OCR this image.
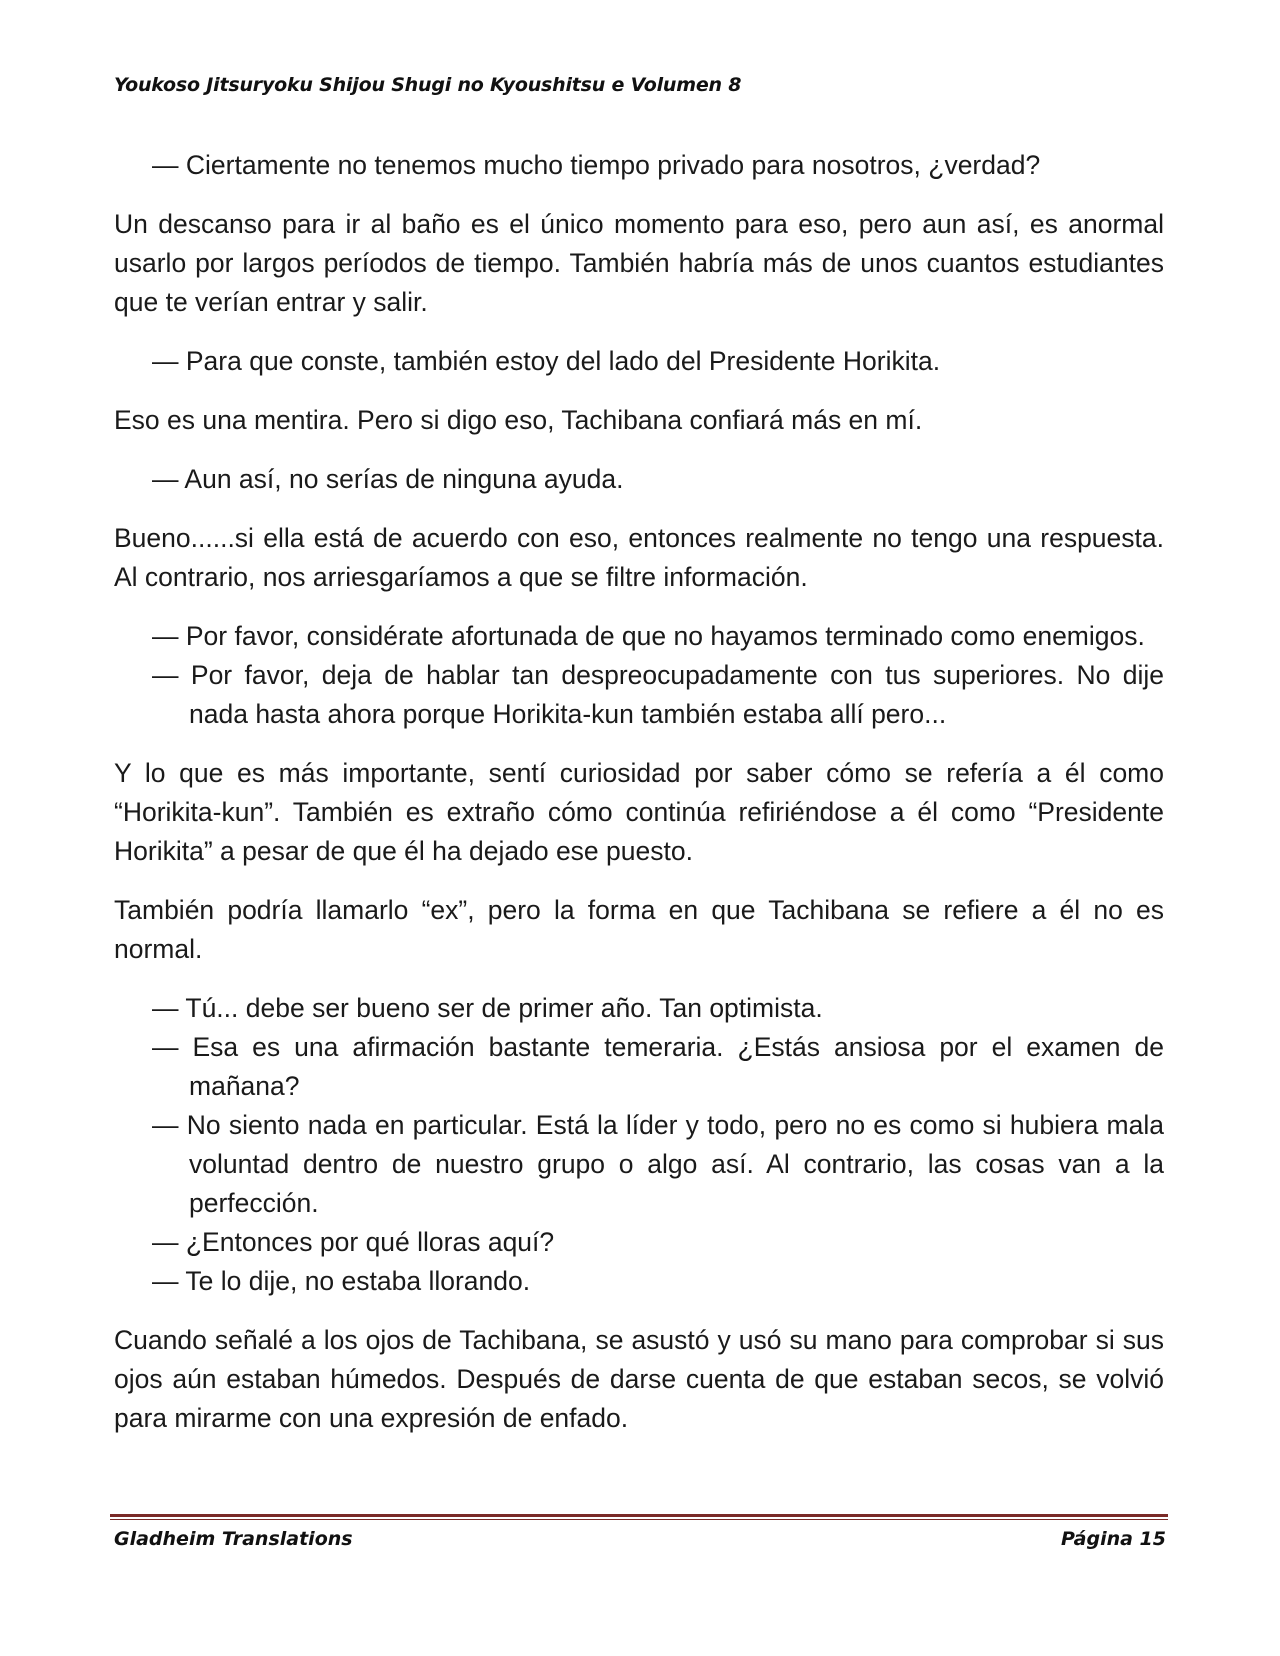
Youkoso Jitsuryoku Shijou Shugi no Kyoushitsu e Volumen 8

— Ciertamente no tenemos mucho tiempo privado para nosotros, ¿verdad?

Un descanso para ir al baño es el único momento para eso, pero aun así, es anormal usarlo por largos períodos de tiempo. También habría más de unos cuantos estudiantes que te verían entrar y salir.

— Para que conste, también estoy del lado del Presidente Horikita.

Eso es una mentira. Pero si digo eso, Tachibana confiará más en mí.

— Aun así, no serías de ninguna ayuda.

Bueno......si ella está de acuerdo con eso, entonces realmente no tengo una respuesta. Al contrario, nos arriesgaríamos a que se filtre información.

— Por favor, considérate afortunada de que no hayamos terminado como enemigos.

— Por favor, deja de hablar tan despreocupadamente con tus superiores. No dije nada hasta ahora porque Horikita-kun también estaba allí pero...

Y lo que es más importante, sentí curiosidad por saber cómo se refería a él como “Horikita-kun”. También es extraño cómo continúa refiriéndose a él como “Presidente Horikita” a pesar de que él ha dejado ese puesto.

También podría llamarlo “ex”, pero la forma en que Tachibana se refiere a él no es normal.

— Tú... debe ser bueno ser de primer año. Tan optimista.

— Esa es una afirmación bastante temeraria. ¿Estás ansiosa por el examen de mañana?

— No siento nada en particular. Está la líder y todo, pero no es como si hubiera mala voluntad dentro de nuestro grupo o algo así. Al contrario, las cosas van a la perfección.

— ¿Entonces por qué lloras aquí?

— Te lo dije, no estaba llorando.

Cuando señalé a los ojos de Tachibana, se asustó y usó su mano para comprobar si sus ojos aún estaban húmedos. Después de darse cuenta de que estaban secos, se volvió para mirarme con una expresión de enfado.

Gladheim Translations	Página 15
